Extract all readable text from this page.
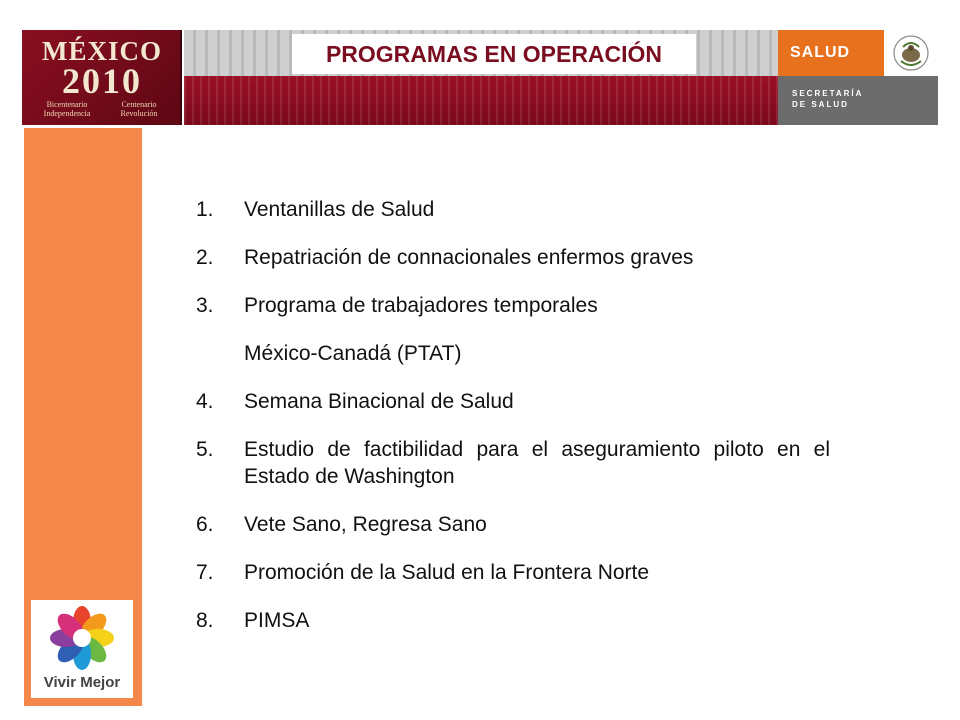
MÉXICO
2010
Bicentenario
Independencia
Centenario
Revolución
PROGRAMAS EN OPERACIÓN	SALUD
SECRETARÍA
DE SALUD
Vivir Mejor
1. Ventanillas de Salud
2. Repatriación de connacionales enfermos graves
3. Programa de trabajadores temporales
México-Canadá (PTAT)
4. Semana Binacional de Salud
5. Estudio de factibilidad para el aseguramiento piloto en el Estado de Washington
6. Vete Sano, Regresa Sano
7. Promoción de la Salud en la Frontera Norte
8. PIMSA
